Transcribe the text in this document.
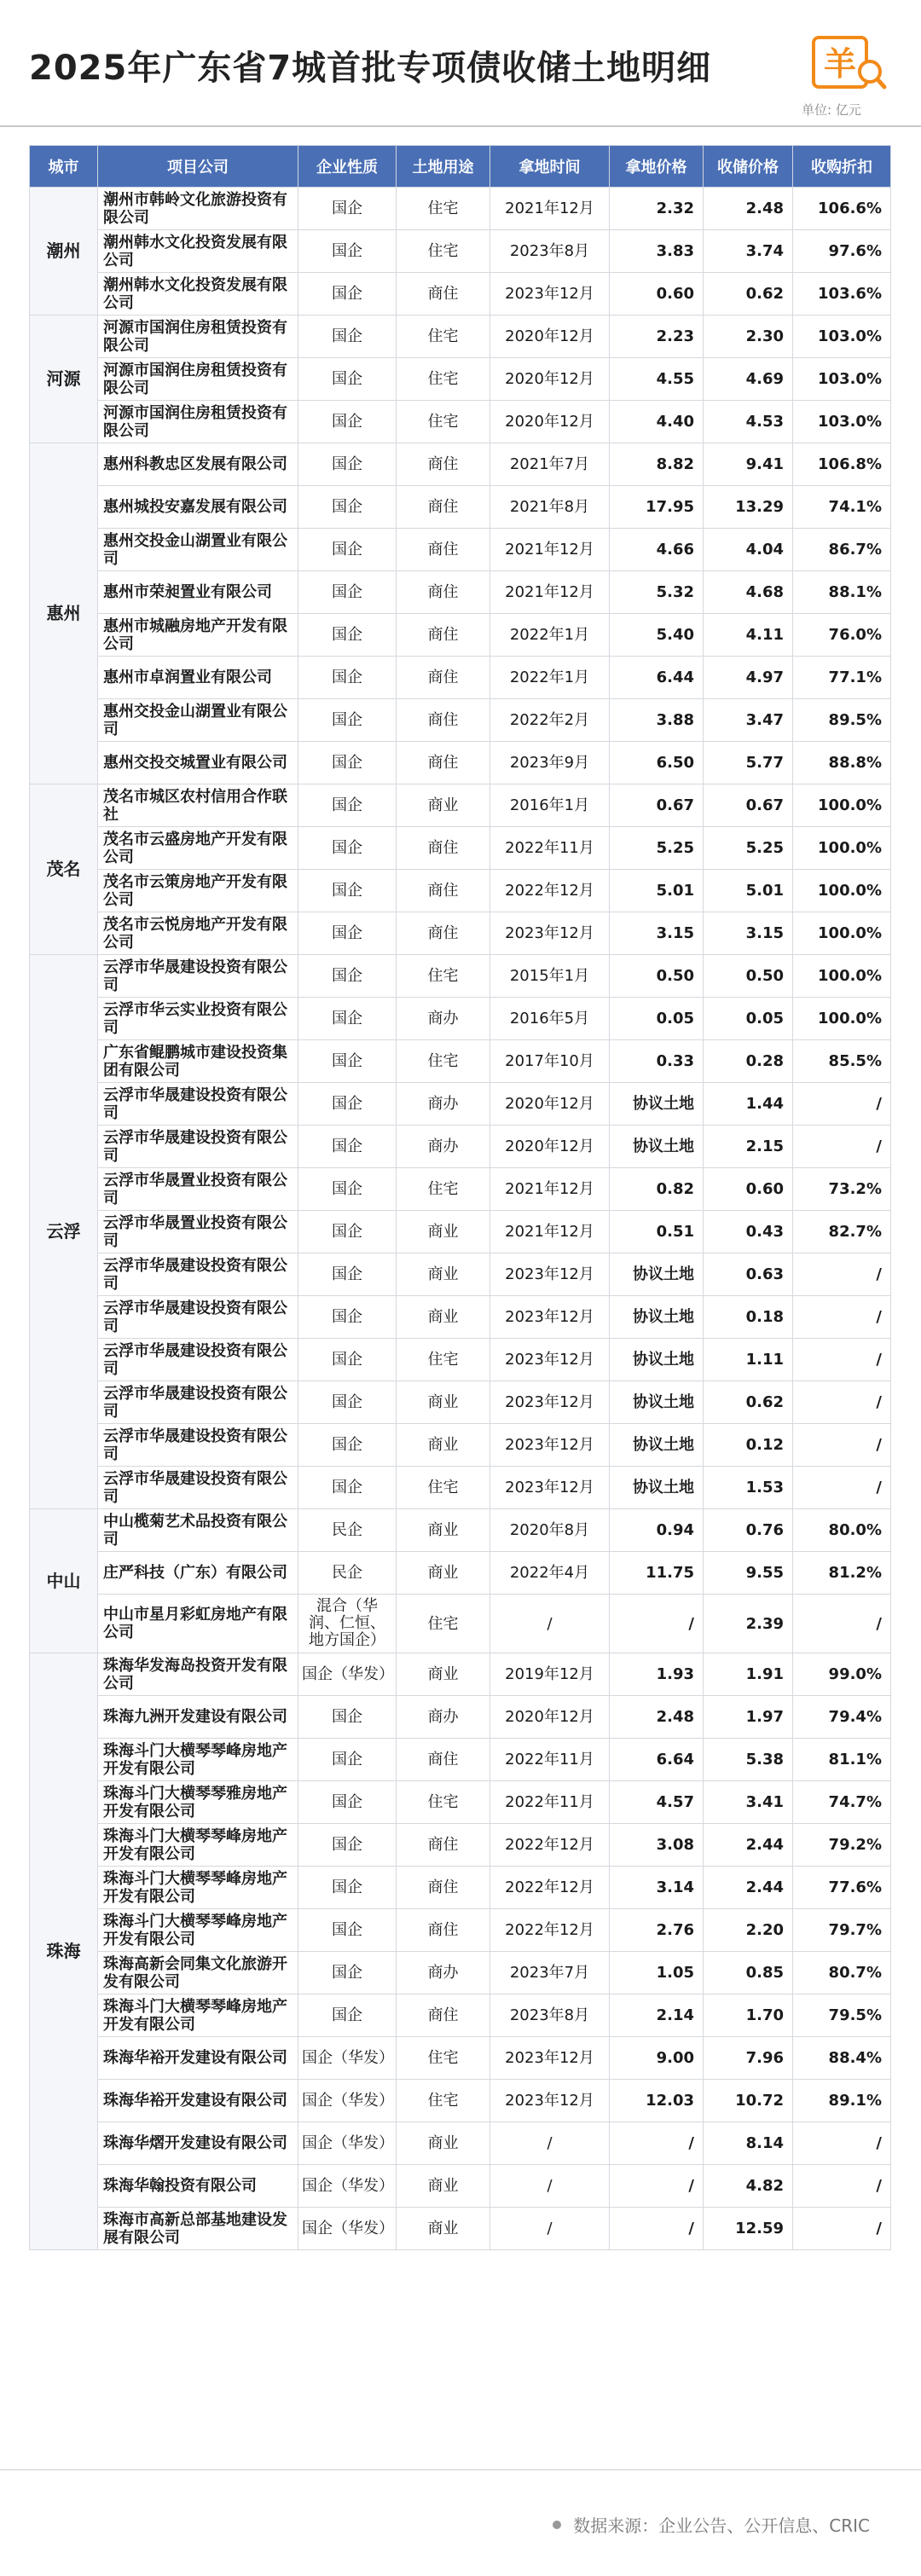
2025年广东省7城首批专项债收储土地明细	羊
单位: 亿元
城市	项目公司	企业性质	土地用途	拿地时间	拿地价格	收储价格	收购折扣
潮州	潮州市韩岭文化旅游投资有限公司	国企	住宅	2021年12月	2.32	2.48	106.6%
	潮州韩水文化投资发展有限公司	国企	住宅	2023年8月	3.83	3.74	97.6%
	潮州韩水文化投资发展有限公司	国企	商住	2023年12月	0.60	0.62	103.6%
河源	河源市国润住房租赁投资有限公司	国企	住宅	2020年12月	2.23	2.30	103.0%
	河源市国润住房租赁投资有限公司	国企	住宅	2020年12月	4.55	4.69	103.0%
	河源市国润住房租赁投资有限公司	国企	住宅	2020年12月	4.40	4.53	103.0%
惠州	惠州科教忠区发展有限公司	国企	商住	2021年7月	8.82	9.41	106.8%
	惠州城投安嘉发展有限公司	国企	商住	2021年8月	17.95	13.29	74.1%
	惠州交投金山湖置业有限公司	国企	商住	2021年12月	4.66	4.04	86.7%
	惠州市荣昶置业有限公司	国企	商住	2021年12月	5.32	4.68	88.1%
	惠州市城融房地产开发有限公司	国企	商住	2022年1月	5.40	4.11	76.0%
	惠州市卓润置业有限公司	国企	商住	2022年1月	6.44	4.97	77.1%
	惠州交投金山湖置业有限公司	国企	商住	2022年2月	3.88	3.47	89.5%
	惠州交投交城置业有限公司	国企	商住	2023年9月	6.50	5.77	88.8%
茂名	茂名市城区农村信用合作联社	国企	商业	2016年1月	0.67	0.67	100.0%
	茂名市云盛房地产开发有限公司	国企	商住	2022年11月	5.25	5.25	100.0%
	茂名市云策房地产开发有限公司	国企	商住	2022年12月	5.01	5.01	100.0%
	茂名市云悦房地产开发有限公司	国企	商住	2023年12月	3.15	3.15	100.0%
云浮	云浮市华晟建设投资有限公司	国企	住宅	2015年1月	0.50	0.50	100.0%
	云浮市华云实业投资有限公司	国企	商办	2016年5月	0.05	0.05	100.0%
	广东省鲲鹏城市建设投资集团有限公司	国企	住宅	2017年10月	0.33	0.28	85.5%
	云浮市华晟建设投资有限公司	国企	商办	2020年12月	协议土地	1.44	/
	云浮市华晟建设投资有限公司	国企	商办	2020年12月	协议土地	2.15	/
	云浮市华晟置业投资有限公司	国企	住宅	2021年12月	0.82	0.60	73.2%
	云浮市华晟置业投资有限公司	国企	商业	2021年12月	0.51	0.43	82.7%
	云浮市华晟建设投资有限公司	国企	商业	2023年12月	协议土地	0.63	/
	云浮市华晟建设投资有限公司	国企	商业	2023年12月	协议土地	0.18	/
	云浮市华晟建设投资有限公司	国企	住宅	2023年12月	协议土地	1.11	/
	云浮市华晟建设投资有限公司	国企	商业	2023年12月	协议土地	0.62	/
	云浮市华晟建设投资有限公司	国企	商业	2023年12月	协议土地	0.12	/
	云浮市华晟建设投资有限公司	国企	住宅	2023年12月	协议土地	1.53	/
中山	中山榄菊艺术品投资有限公司	民企	商业	2020年8月	0.94	0.76	80.0%
	庄严科技（广东）有限公司	民企	商业	2022年4月	11.75	9.55	81.2%
	中山市星月彩虹房地产有限公司	混合（华润、仁恒、地方国企）	住宅	/	/	2.39	/
珠海	珠海华发海岛投资开发有限公司	国企（华发）	商业	2019年12月	1.93	1.91	99.0%
	珠海九洲开发建设有限公司	国企	商办	2020年12月	2.48	1.97	79.4%
	珠海斗门大横琴琴峰房地产开发有限公司	国企	商住	2022年11月	6.64	5.38	81.1%
	珠海斗门大横琴琴雅房地产开发有限公司	国企	住宅	2022年11月	4.57	3.41	74.7%
	珠海斗门大横琴琴峰房地产开发有限公司	国企	商住	2022年12月	3.08	2.44	79.2%
	珠海斗门大横琴琴峰房地产开发有限公司	国企	商住	2022年12月	3.14	2.44	77.6%
	珠海斗门大横琴琴峰房地产开发有限公司	国企	商住	2022年12月	2.76	2.20	79.7%
	珠海高新会同集文化旅游开发有限公司	国企	商办	2023年7月	1.05	0.85	80.7%
	珠海斗门大横琴琴峰房地产开发有限公司	国企	商住	2023年8月	2.14	1.70	79.5%
	珠海华裕开发建设有限公司	国企（华发）	住宅	2023年12月	9.00	7.96	88.4%
	珠海华裕开发建设有限公司	国企（华发）	住宅	2023年12月	12.03	10.72	89.1%
	珠海华熠开发建设有限公司	国企（华发）	商业	/	/	8.14	/
	珠海华翰投资有限公司	国企（华发）	商业	/	/	4.82	/
	珠海市高新总部基地建设发展有限公司	国企（华发）	商业	/	/	12.59	/
数据来源：企业公告、公开信息、CRIC
